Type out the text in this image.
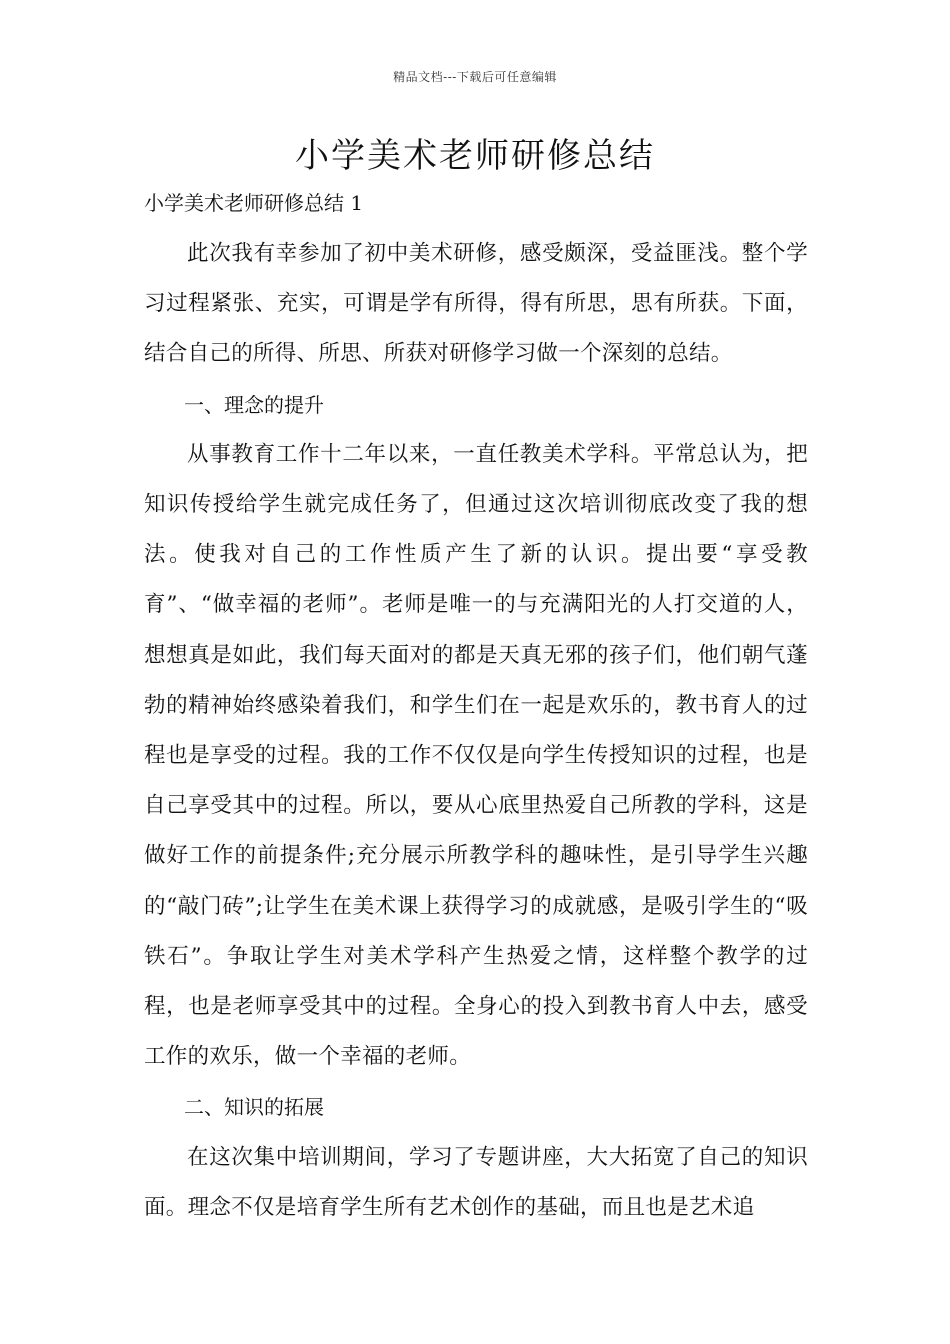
精品文档---下载后可任意编辑
小学美术老师研修总结
小学美术老师研修总结 1

此次我有幸参加了初中美术研修，感受颇深，受益匪浅。整个学习过程紧张、充实，可谓是学有所得，得有所思，思有所获。下面，结合自己的所得、所思、所获对研修学习做一个深刻的总结。

一、理念的提升

从事教育工作十二年以来，一直任教美术学科。平常总认为，把知识传授给学生就完成任务了，但通过这次培训彻底改变了我的想法。使我对自己的工作性质产生了新的认识。提出要“享受教育”、“做幸福的老师”。老师是唯一的与充满阳光的人打交道的人，想想真是如此，我们每天面对的都是天真无邪的孩子们，他们朝气蓬勃的精神始终感染着我们，和学生们在一起是欢乐的，教书育人的过程也是享受的过程。我的工作不仅仅是向学生传授知识的过程，也是自己享受其中的过程。所以，要从心底里热爱自己所教的学科，这是做好工作的前提条件;充分展示所教学科的趣味性，是引导学生兴趣的“敲门砖”;让学生在美术课上获得学习的成就感，是吸引学生的“吸铁石”。争取让学生对美术学科产生热爱之情，这样整个教学的过程，也是老师享受其中的过程。全身心的投入到教书育人中去，感受工作的欢乐，做一个幸福的老师。

二、知识的拓展

在这次集中培训期间，学习了专题讲座，大大拓宽了自己的知识面。理念不仅是培育学生所有艺术创作的基础，而且也是艺术追
